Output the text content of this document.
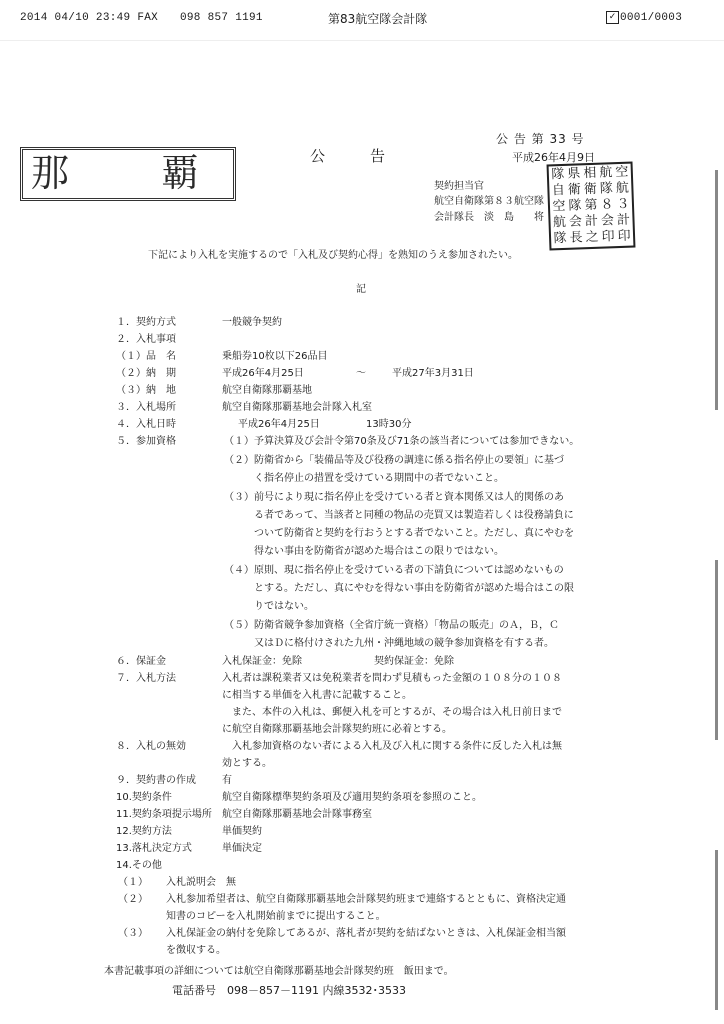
2014 04/10 23:49 FAX 098 857 1191	第83航空隊会計隊	✓ 0001/0003
公 告 第 33 号
平成26年4月9日
公	告
那 覇	契約担当官
航空自衛隊第８３航空隊
会計隊長　淡　島　　将
隊 県 相 航 空
自 衛 衛 隊 航
空 隊 第 ８ ３
航 会 計 会 計
隊 長 之 印 印
下記により入札を実施するので「入札及び契約心得」を熟知のうえ参加されたい。
記
１．契約方式	一般競争契約
２．入札事項
（１）品　名	乗船券10枚以下26品目
（２）納　期	平成26年4月25日	～	平成27年3月31日
（３）納　地	航空自衛隊那覇基地
３．入札場所	航空自衛隊那覇基地会計隊入札室
４．入札日時	平成26年4月25日	13時30分
５．参加資格	（１）予算決算及び会計令第70条及び71条の該当者については参加できない。
（２）防衛省から「装備品等及び役務の調達に係る指名停止の要領」に基づ
く指名停止の措置を受けている期間中の者でないこと。
（３）前号により現に指名停止を受けている者と資本関係又は人的関係のあ
る者であって、当該者と同種の物品の売買又は製造若しくは役務請負に
ついて防衛省と契約を行おうとする者でないこと。ただし、真にやむを
得ない事由を防衛省が認めた場合はこの限りではない。
（４）原則、現に指名停止を受けている者の下請負については認めないもの
とする。ただし、真にやむを得ない事由を防衛省が認めた場合はこの限
りではない。
（５）防衛省競争参加資格（全省庁統一資格）「物品の販売」のＡ，Ｂ，Ｃ
又はＤに格付けされた九州・沖縄地域の競争参加資格を有する者。
６．保証金	入札保証金：免除	契約保証金：免除
７．入札方法	入札者は課税業者又は免税業者を問わず見積もった金額の１０８分の１０８
に相当する単価を入札書に記載すること。
また、本件の入札は、郵便入札を可とするが、その場合は入札日前日まで
に航空自衛隊那覇基地会計隊契約班に必着とする。
８．入札の無効	入札参加資格のない者による入札及び入札に関する条件に反した入札は無
効とする。
９．契約書の作成	有
10.契約条件	航空自衛隊標準契約条項及び適用契約条項を参照のこと。
11.契約条項提示場所 航空自衛隊那覇基地会計隊事務室
12.契約方法	単価契約
13.落札決定方式	単価決定
14.その他
（１） 入札説明会　無
（２） 入札参加希望者は、航空自衛隊那覇基地会計隊契約班まで連絡するとともに、資格決定通
知書のコピーを入札開始前までに提出すること。
（３） 入札保証金の納付を免除してあるが、落札者が契約を結ばないときは、入札保証金相当額
を徴収する。
本書記載事項の詳細については航空自衛隊那覇基地会計隊契約班　飯田まで。
電話番号　098－857－1191 内線3532･3533
